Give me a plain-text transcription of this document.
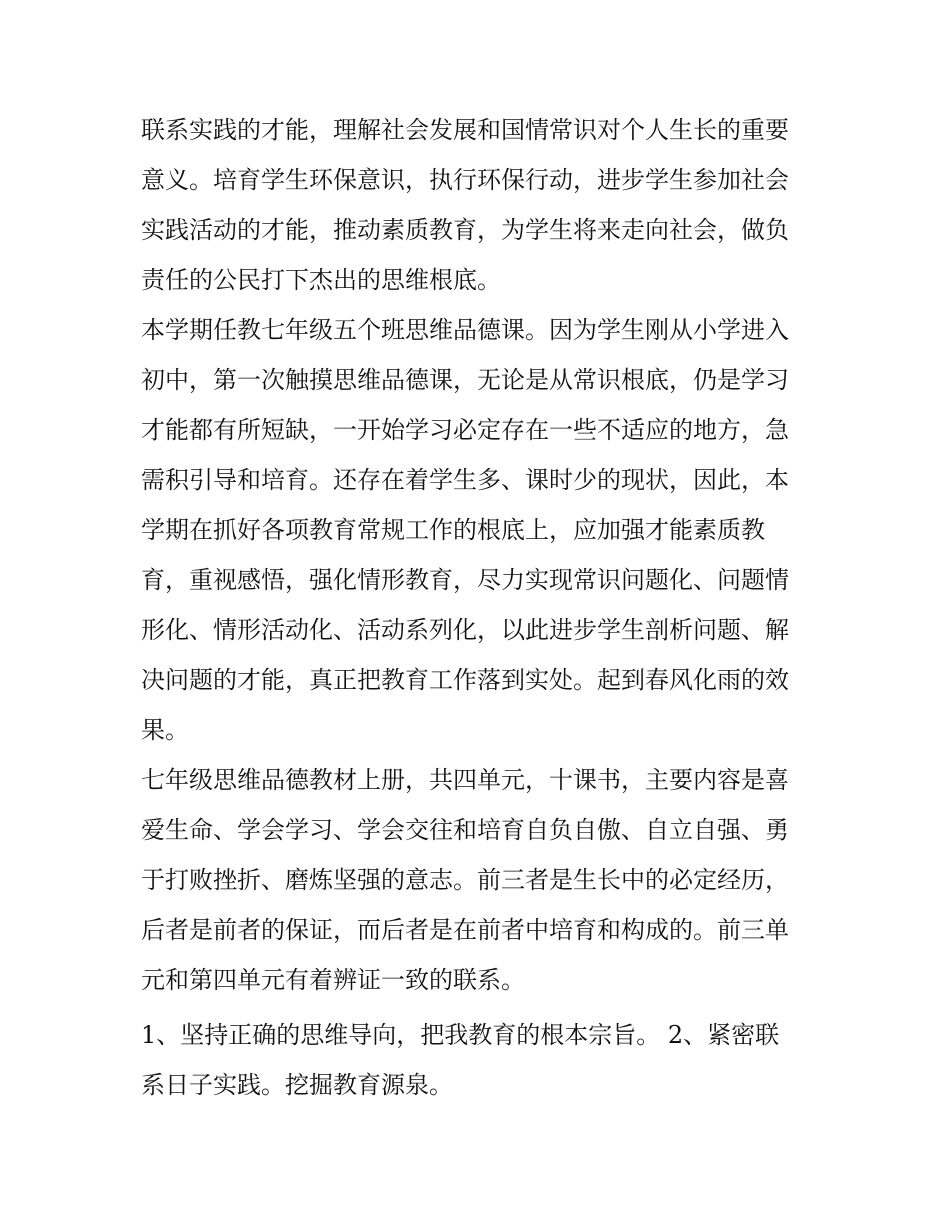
联系实践的才能，理解社会发展和国情常识对个人生长的重要

意义。培育学生环保意识，执行环保行动，进步学生参加社会

实践活动的才能，推动素质教育，为学生将来走向社会，做负

责任的公民打下杰出的思维根底。

本学期任教七年级五个班思维品德课。因为学生刚从小学进入

初中，第一次触摸思维品德课，无论是从常识根底，仍是学习

才能都有所短缺，一开始学习必定存在一些不适应的地方，急

需积引导和培育。还存在着学生多、课时少的现状，因此，本

学期在抓好各项教育常规工作的根底上，应加强才能素质教

育，重视感悟，强化情形教育，尽力实现常识问题化、问题情

形化、情形活动化、活动系列化，以此进步学生剖析问题、解

决问题的才能，真正把教育工作落到实处。起到春风化雨的效

果。

七年级思维品德教材上册，共四单元，十课书，主要内容是喜

爱生命、学会学习、学会交往和培育自负自傲、自立自强、勇

于打败挫折、磨炼坚强的意志。前三者是生长中的必定经历，

后者是前者的保证，而后者是在前者中培育和构成的。前三单

元和第四单元有着辨证一致的联系。

1、坚持正确的思维导向，把我教育的根本宗旨。 2、紧密联

系日子实践。挖掘教育源泉。
